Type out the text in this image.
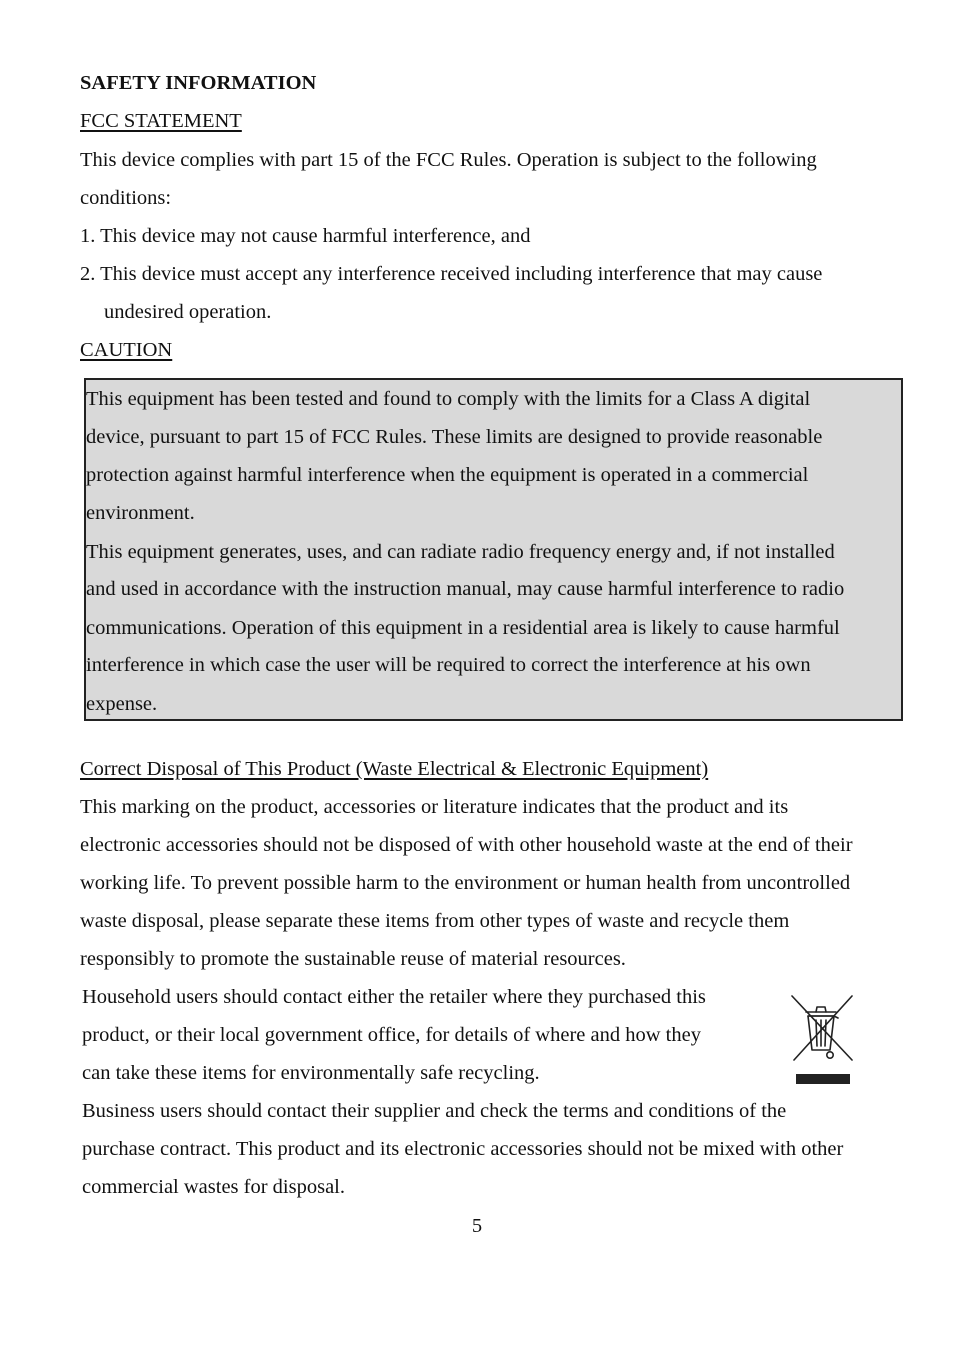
SAFETY INFORMATION
FCC STATEMENT
This device complies with part 15 of the FCC Rules. Operation is subject to the following
conditions:
1. This device may not cause harmful interference, and
2. This device must accept any interference received including interference that may cause
undesired operation.
CAUTION
This equipment has been tested and found to comply with the limits for a Class A digital
device, pursuant to part 15 of FCC Rules. These limits are designed to provide reasonable
protection against harmful interference when the equipment is operated in a commercial
environment.
This equipment generates, uses, and can radiate radio frequency energy and, if not installed
and used in accordance with the instruction manual, may cause harmful interference to radio
communications. Operation of this equipment in a residential area is likely to cause harmful
interference in which case the user will be required to correct the interference at his own
expense.
Correct Disposal of This Product (Waste Electrical & Electronic Equipment)
This marking on the product, accessories or literature indicates that the product and its
electronic accessories should not be disposed of with other household waste at the end of their
working life. To prevent possible harm to the environment or human health from uncontrolled
waste disposal, please separate these items from other types of waste and recycle them
responsibly to promote the sustainable reuse of material resources.
Household users should contact either the retailer where they purchased this
product, or their local government office, for details of where and how they
can take these items for environmentally safe recycling.
Business users should contact their supplier and check the terms and conditions of the
purchase contract. This product and its electronic accessories should not be mixed with other
commercial wastes for disposal.
5
